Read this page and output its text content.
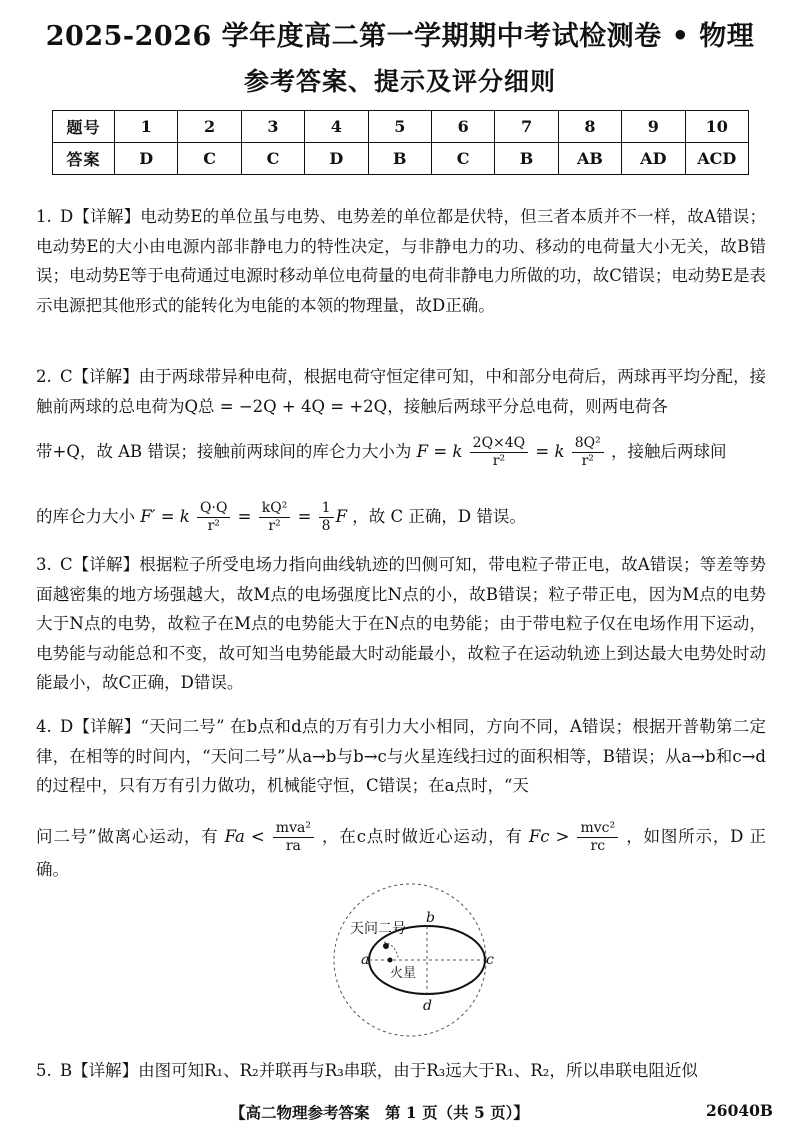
2025-2026 学年度高二第一学期期中考试检测卷 • 物理
参考答案、提示及评分细则
题号	1	2	3	4	5	6	7	8	9	10
答案	D	C	C	D	B	C	B	AB	AD	ACD
1. D【详解】电动势E的单位虽与电势、电势差的单位都是伏特，但三者本质并不一样，故A错误；电动势E的大小由电源内部非静电力的特性决定，与非静电力的功、移动的电荷量大小无关，故B错误；电动势E等于电荷通过电源时移动单位电荷量的电荷非静电力所做的功，故C错误；电动势E是表示电源把其他形式的能转化为电能的本领的物理量，故D正确。
2. C【详解】由于两球带异种电荷，根据电荷守恒定律可知，中和部分电荷后，两球再平均分配，接触前两球的总电荷为Q总 = −2Q + 4Q = +2Q，接触后两球平分总电荷，则两电荷各
带+Q，故 AB 错误；接触前两球间的库仑力大小为 F = k $\frac{2Q\times 4Q}{\text{r²}} = k \frac{\text{8Q²}}{\text{r²}}$ ，接触后两球间
的库仑力大小 F′ = k $\frac{Q\cdot Q}{\text{r²}} = \frac{\text{kQ²}}{\text{r²}} = \frac{1}{8}$ F ，故 C 正确，D 错误。
3. C【详解】根据粒子所受电场力指向曲线轨迹的凹侧可知，带电粒子带正电，故A错误；等差等势面越密集的地方场强越大，故M点的电场强度比N点的小，故B错误；粒子带正电，因为M点的电势大于N点的电势，故粒子在M点的电势能大于在N点的电势能；由于带电粒子仅在电场作用下运动，电势能与动能总和不变，故可知当电势能最大时动能最小，故粒子在运动轨迹上到达最大电势处时动能最小，故C正确，D错误。
4. D【详解】“天问二号” 在b点和d点的万有引力大小相同，方向不同，A错误；根据开普勒第二定律，在相等的时间内，“天问二号”从a→b与b→c与火星连线扫过的面积相等，B错误；从a→b和c→d的过程中，只有万有引力做功，机械能守恒，C错误；在a点时，“天
问二号”做离心运动，有 Fa < mva²
ra	，在c点时做近心运动，有 Fc > mvc²
rc	，如图所示，D 正确。
天问二号
火星
a
b
c
d
5. B【详解】由图可知R₁、R₂并联再与R₃串联，由于R₃远大于R₁、R₂，所以串联电阻近似
【高二物理参考答案　第 1 页（共 5 页）】	26040B
